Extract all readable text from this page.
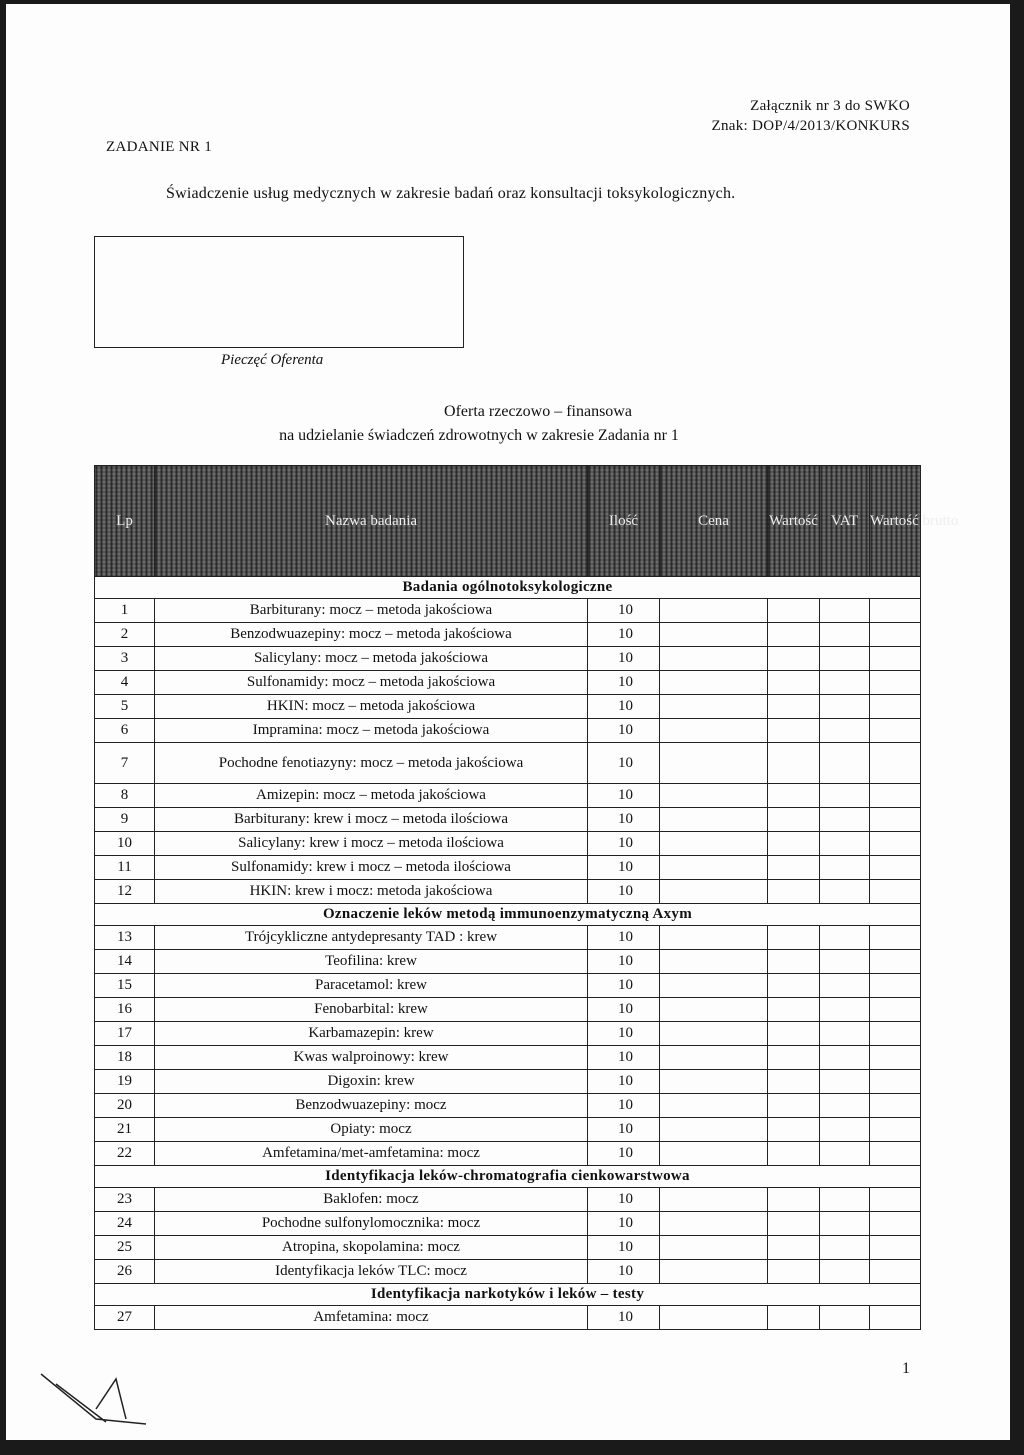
Załącznik nr 3 do SWKO
Znak: DOP/4/2013/KONKURS
ZADANIE NR 1
Świadczenie usług medycznych w zakresie badań oraz konsultacji toksykologicznych.
Pieczęć Oferenta
Oferta rzeczowo – finansowa
na udzielanie świadczeń zdrowotnych w zakresie Zadania nr 1
Lp	Nazwa badania	Ilość	Cena	Wartość	VAT	Wartość brutto
Badania ogólnotoksykologiczne						
1	Barbiturany: mocz – metoda jakościowa	10				
2	Benzodwuazepiny: mocz – metoda jakościowa	10				
3	Salicylany: mocz – metoda jakościowa	10				
4	Sulfonamidy: mocz – metoda jakościowa	10				
5	HKIN: mocz – metoda jakościowa	10				
6	Impramina: mocz – metoda jakościowa	10				
7	Pochodne fenotiazyny: mocz – metoda jakościowa	10				
8	Amizepin: mocz – metoda jakościowa	10				
9	Barbiturany: krew i mocz – metoda ilościowa	10				
10	Salicylany: krew i mocz – metoda ilościowa	10				
11	Sulfonamidy: krew i mocz – metoda ilościowa	10				
12	HKIN: krew i mocz: metoda jakościowa	10				
Oznaczenie leków metodą immunoenzymatyczną Axym						
13	Trójcykliczne antydepresanty TAD : krew	10				
14	Teofilina: krew	10				
15	Paracetamol: krew	10				
16	Fenobarbital: krew	10				
17	Karbamazepin: krew	10				
18	Kwas walproinowy: krew	10				
19	Digoxin: krew	10				
20	Benzodwuazepiny: mocz	10				
21	Opiaty: mocz	10				
22	Amfetamina/met-amfetamina: mocz	10				
Identyfikacja leków-chromatografia cienkowarstwowa						
23	Baklofen: mocz	10				
24	Pochodne sulfonylomocznika: mocz	10				
25	Atropina, skopolamina: mocz	10				
26	Identyfikacja leków TLC: mocz	10				
Identyfikacja narkotyków i leków – testy						
27	Amfetamina: mocz	10				
1
